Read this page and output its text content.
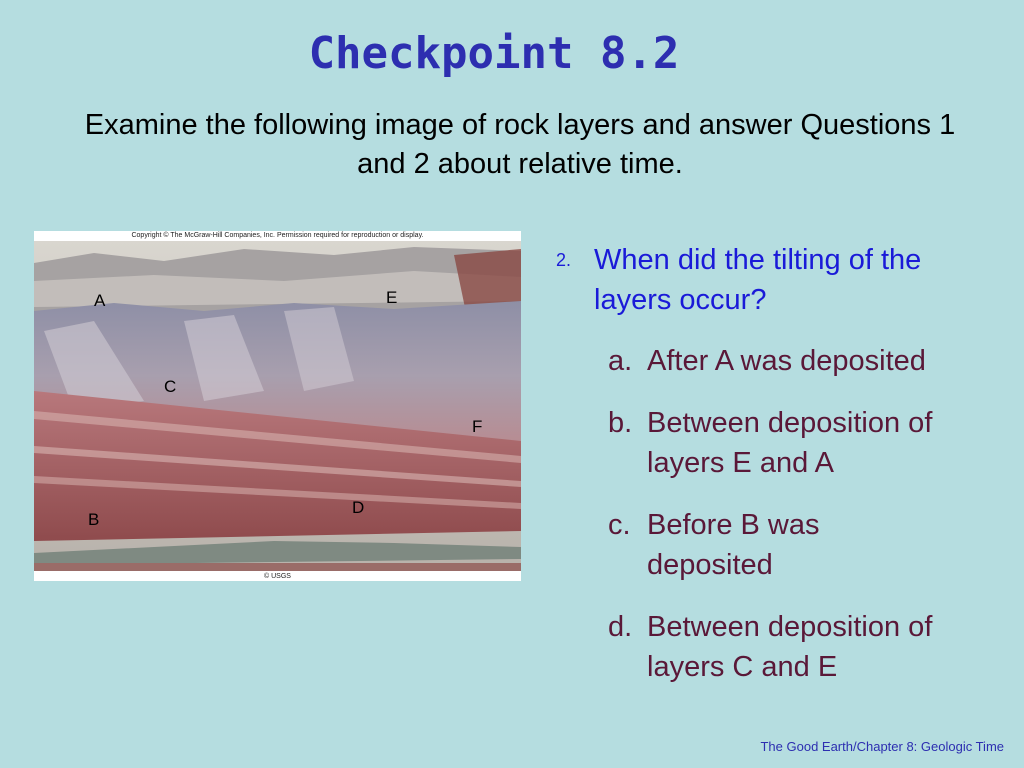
Checkpoint 8.2
Examine the following image of rock layers and answer Questions 1 and 2 about relative time.
Copyright © The McGraw-Hill Companies, Inc. Permission required for reproduction or display.
A	E
C
F
D
B
© USGS
2. When did the tilting of the layers occur?
a. After A was deposited
b. Between deposition of layers E and A
c. Before B was deposited
d. Between deposition of layers C and E
The Good Earth/Chapter 8: Geologic Time
